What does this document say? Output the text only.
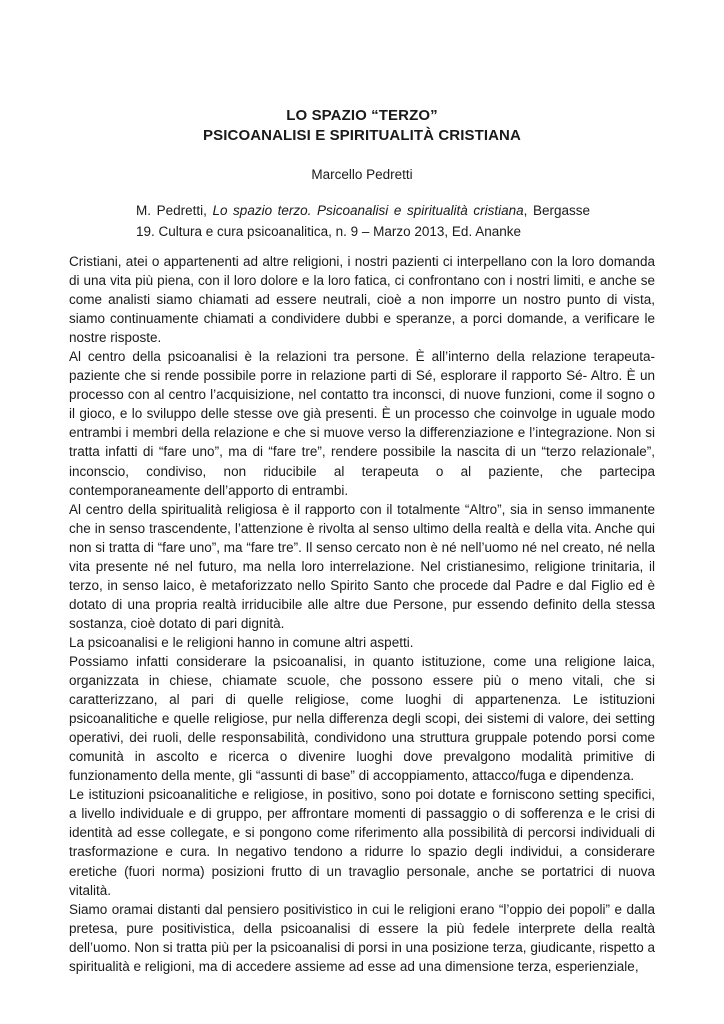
LO SPAZIO “TERZO”
PSICOANALISI E SPIRITUALITÀ CRISTIANA
Marcello Pedretti
M. Pedretti, Lo spazio terzo. Psicoanalisi e spiritualità cristiana, Bergasse 19. Cultura e cura psicoanalitica, n. 9 – Marzo 2013, Ed. Ananke

Cristiani, atei o appartenenti ad altre religioni, i nostri pazienti ci interpellano con la loro domanda di una vita più piena, con il loro dolore e la loro fatica, ci confrontano con i nostri limiti, e anche se come analisti siamo chiamati ad essere neutrali, cioè a non imporre un nostro punto di vista, siamo continuamente chiamati a condividere dubbi e speranze, a porci domande, a verificare le nostre risposte.

Al centro della psicoanalisi è la relazioni tra persone. È all’interno della relazione terapeuta-paziente che si rende possibile porre in relazione parti di Sé, esplorare il rapporto Sé- Altro. È un processo con al centro l’acquisizione, nel contatto tra inconsci, di nuove funzioni, come il sogno o il gioco, e lo sviluppo delle stesse ove già presenti. È un processo che coinvolge in uguale modo entrambi i membri della relazione e che si muove verso la differenziazione e l’integrazione. Non si tratta infatti di “fare uno”, ma di “fare tre”, rendere possibile la nascita di un “terzo relazionale”, inconscio, condiviso, non riducibile al terapeuta o al paziente, che partecipa contemporaneamente dell’apporto di entrambi.

Al centro della spiritualità religiosa è il rapporto con il totalmente “Altro”, sia in senso immanente che in senso trascendente, l’attenzione è rivolta al senso ultimo della realtà e della vita. Anche qui non si tratta di “fare uno”, ma “fare tre”. Il senso cercato non è né nell’uomo né nel creato, né nella vita presente né nel futuro, ma nella loro interrelazione. Nel cristianesimo, religione trinitaria, il terzo, in senso laico, è metaforizzato nello Spirito Santo che procede dal Padre e dal Figlio ed è dotato di una propria realtà irriducibile alle altre due Persone, pur essendo definito della stessa sostanza, cioè dotato di pari dignità.

La psicoanalisi e le religioni hanno in comune altri aspetti.

Possiamo infatti considerare la psicoanalisi, in quanto istituzione, come una religione laica, organizzata in chiese, chiamate scuole, che possono essere più o meno vitali, che si caratterizzano, al pari di quelle religiose, come luoghi di appartenenza. Le istituzioni psicoanalitiche e quelle religiose, pur nella differenza degli scopi, dei sistemi di valore, dei setting operativi, dei ruoli, delle responsabilità, condividono una struttura gruppale potendo porsi come comunità in ascolto e ricerca o divenire luoghi dove prevalgono modalità primitive di funzionamento della mente, gli “assunti di base” di accoppiamento, attacco/fuga e dipendenza.

Le istituzioni psicoanalitiche e religiose, in positivo, sono poi dotate e forniscono setting specifici, a livello individuale e di gruppo, per affrontare momenti di passaggio o di sofferenza e le crisi di identità ad esse collegate, e si pongono come riferimento alla possibilità di percorsi individuali di trasformazione e cura. In negativo tendono a ridurre lo spazio degli individui, a considerare eretiche (fuori norma) posizioni frutto di un travaglio personale, anche se portatrici di nuova vitalità.

Siamo oramai distanti dal pensiero positivistico in cui le religioni erano “l’oppio dei popoli” e dalla pretesa, pure positivistica, della psicoanalisi di essere la più fedele interprete della realtà dell’uomo. Non si tratta più per la psicoanalisi di porsi in una posizione terza, giudicante, rispetto a spiritualità e religioni, ma di accedere assieme ad esse ad una dimensione terza, esperienziale,
